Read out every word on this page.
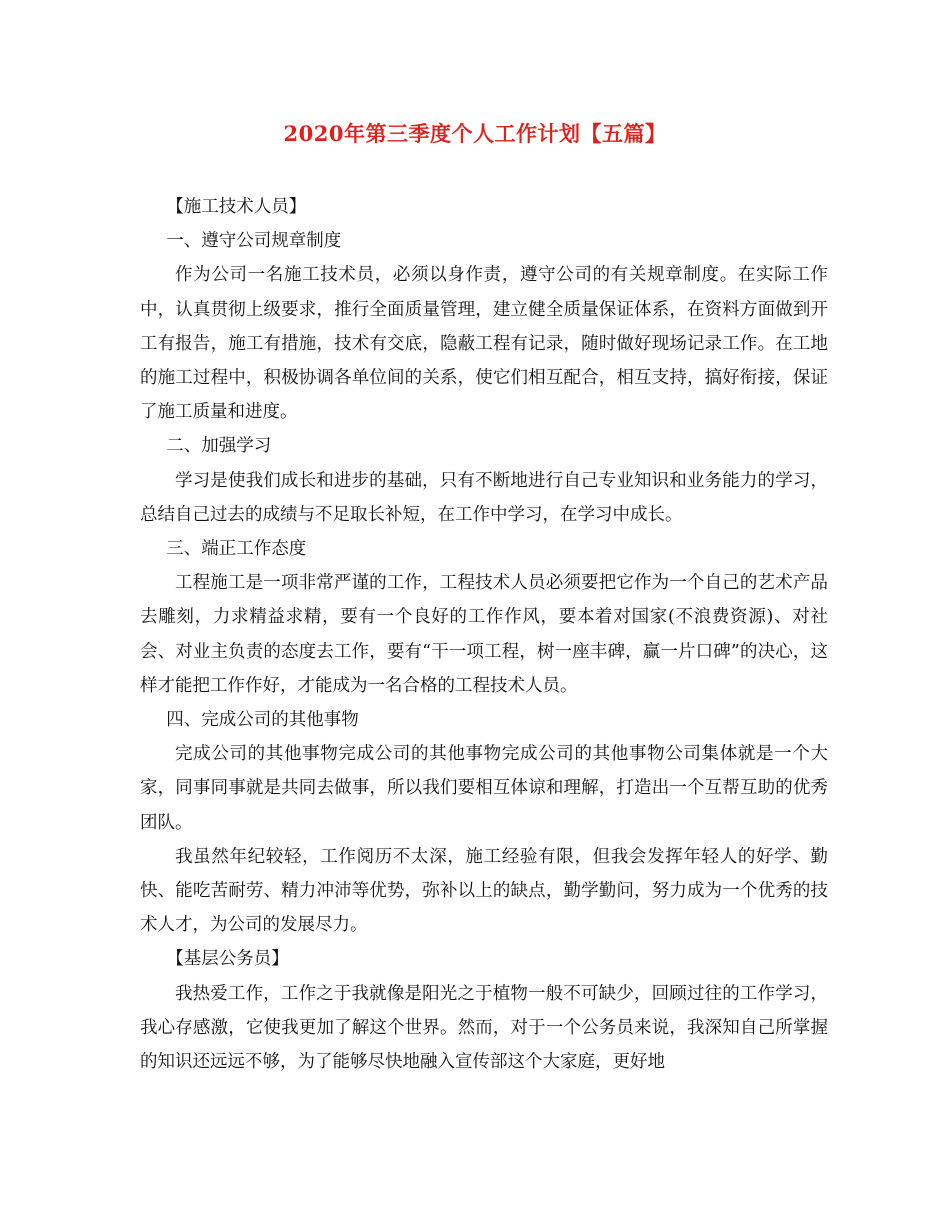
2020年第三季度个人工作计划【五篇】

【施工技术人员】

一、遵守公司规章制度

作为公司一名施工技术员，必须以身作责，遵守公司的有关规章制度。在实际工作中，认真贯彻上级要求，推行全面质量管理，建立健全质量保证体系，在资料方面做到开工有报告，施工有措施，技术有交底，隐蔽工程有记录，随时做好现场记录工作。在工地的施工过程中，积极协调各单位间的关系，使它们相互配合，相互支持，搞好衔接，保证了施工质量和进度。

二、加强学习

学习是使我们成长和进步的基础，只有不断地进行自己专业知识和业务能力的学习，总结自己过去的成绩与不足取长补短，在工作中学习，在学习中成长。

三、端正工作态度

工程施工是一项非常严谨的工作，工程技术人员必须要把它作为一个自己的艺术产品去雕刻，力求精益求精，要有一个良好的工作作风，要本着对国家(不浪费资源)、对社会、对业主负责的态度去工作，要有“干一项工程，树一座丰碑，赢一片口碑”的决心，这样才能把工作作好，才能成为一名合格的工程技术人员。

四、完成公司的其他事物

完成公司的其他事物完成公司的其他事物完成公司的其他事物公司集体就是一个大家，同事同事就是共同去做事，所以我们要相互体谅和理解，打造出一个互帮互助的优秀团队。

我虽然年纪较轻，工作阅历不太深，施工经验有限，但我会发挥年轻人的好学、勤快、能吃苦耐劳、精力冲沛等优势，弥补以上的缺点，勤学勤问，努力成为一个优秀的技术人才，为公司的发展尽力。

【基层公务员】

我热爱工作，工作之于我就像是阳光之于植物一般不可缺少，回顾过往的工作学习，我心存感激，它使我更加了解这个世界。然而，对于一个公务员来说，我深知自己所掌握的知识还远远不够，为了能够尽快地融入宣传部这个大家庭，更好地
